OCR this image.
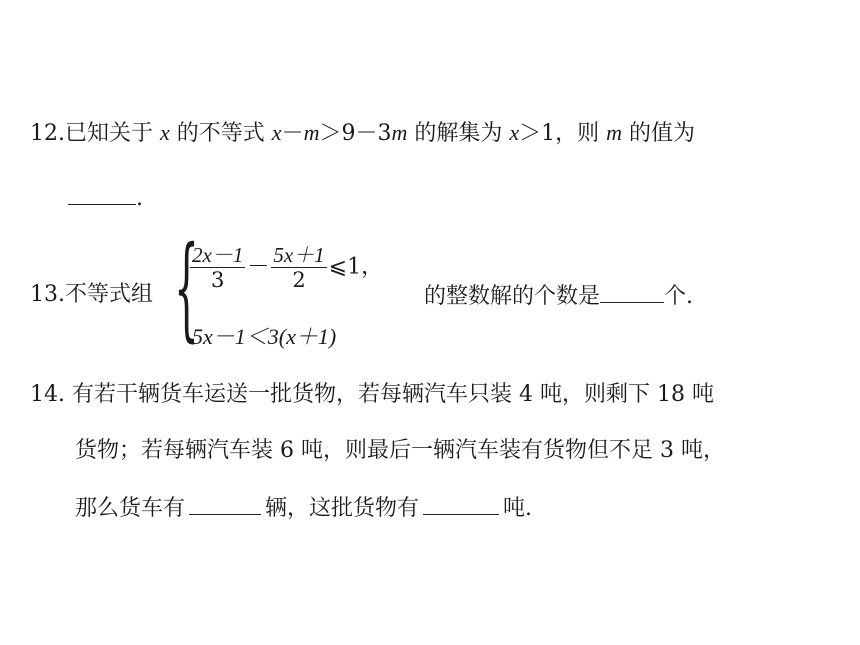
12.已知关于 x 的不等式 x－m＞9－3m 的解集为 x＞1，则 m 的值为
.
13.不等式组 {
$\frac{2x-1}{3} - \frac{5x+1}{2}$ ⩽1，
5x－1＜3(x＋1)
的整数解的个数是	个.
14. 有若干辆货车运送一批货物，若每辆汽车只装 4 吨，则剩下 18 吨
货物；若每辆汽车装 6 吨，则最后一辆汽车装有货物但不足 3 吨，
那么货车有	辆，这批货物有	吨.
